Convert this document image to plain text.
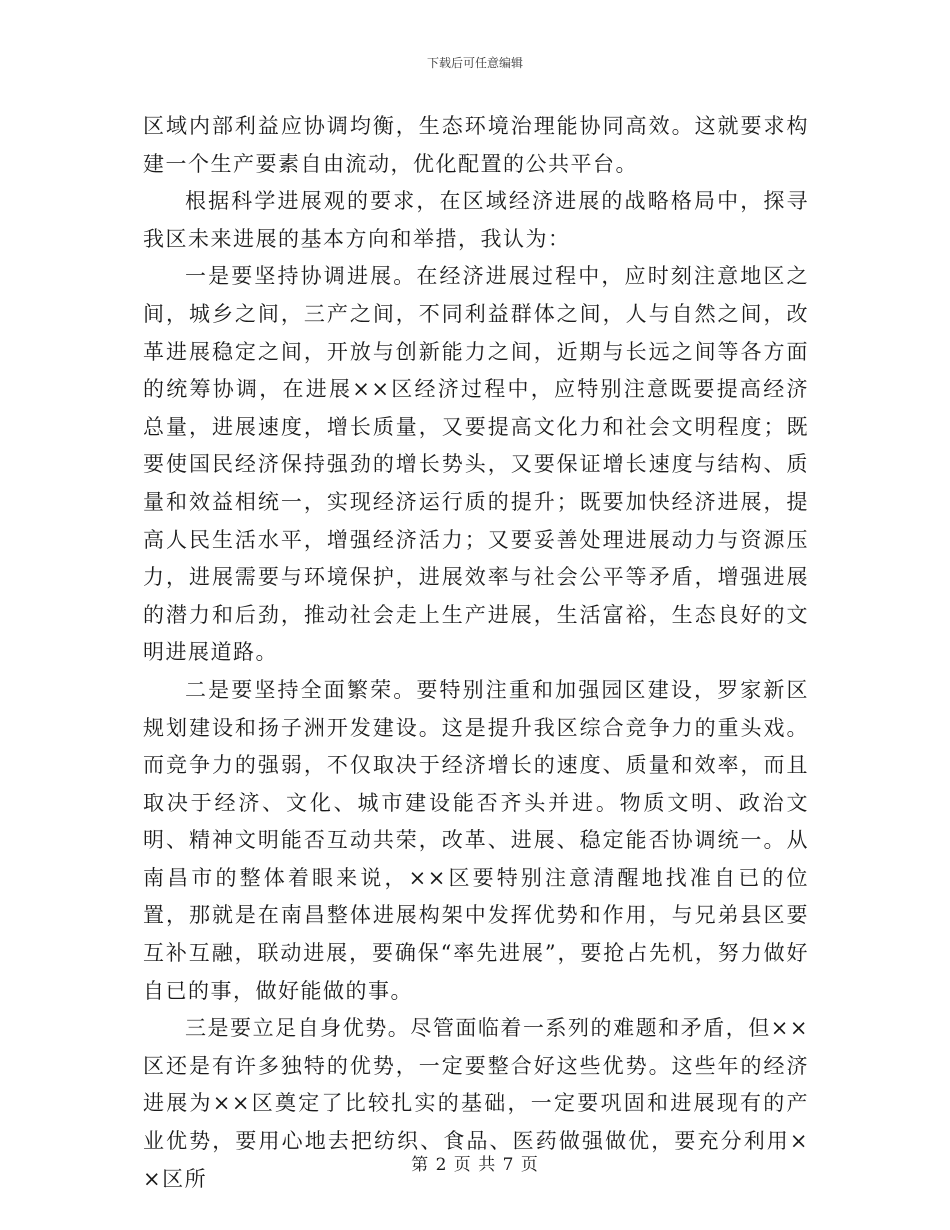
下载后可任意编辑

区域内部利益应协调均衡，生态环境治理能协同高效。这就要求构建一个生产要素自由流动，优化配置的公共平台。

根据科学进展观的要求，在区域经济进展的战略格局中，探寻我区未来进展的基本方向和举措，我认为：

一是要坚持协调进展。在经济进展过程中，应时刻注意地区之间，城乡之间，三产之间，不同利益群体之间，人与自然之间，改革进展稳定之间，开放与创新能力之间，近期与长远之间等各方面的统筹协调，在进展××区经济过程中，应特别注意既要提高经济总量，进展速度，增长质量，又要提高文化力和社会文明程度；既要使国民经济保持强劲的增长势头，又要保证增长速度与结构、质量和效益相统一，实现经济运行质的提升；既要加快经济进展，提高人民生活水平，增强经济活力；又要妥善处理进展动力与资源压力，进展需要与环境保护，进展效率与社会公平等矛盾，增强进展的潜力和后劲，推动社会走上生产进展，生活富裕，生态良好的文明进展道路。

二是要坚持全面繁荣。要特别注重和加强园区建设，罗家新区规划建设和扬子洲开发建设。这是提升我区综合竞争力的重头戏。而竞争力的强弱，不仅取决于经济增长的速度、质量和效率，而且取决于经济、文化、城市建设能否齐头并进。物质文明、政治文明、精神文明能否互动共荣，改革、进展、稳定能否协调统一。从南昌市的整体着眼来说，××区要特别注意清醒地找准自已的位置，那就是在南昌整体进展构架中发挥优势和作用，与兄弟县区要互补互融，联动进展，要确保“率先进展”，要抢占先机，努力做好自已的事，做好能做的事。

三是要立足自身优势。尽管面临着一系列的难题和矛盾，但××区还是有许多独特的优势，一定要整合好这些优势。这些年的经济进展为××区奠定了比较扎实的基础，一定要巩固和进展现有的产业优势，要用心地去把纺织、食品、医药做强做优，要充分利用××区所

第 2 页 共 7 页
